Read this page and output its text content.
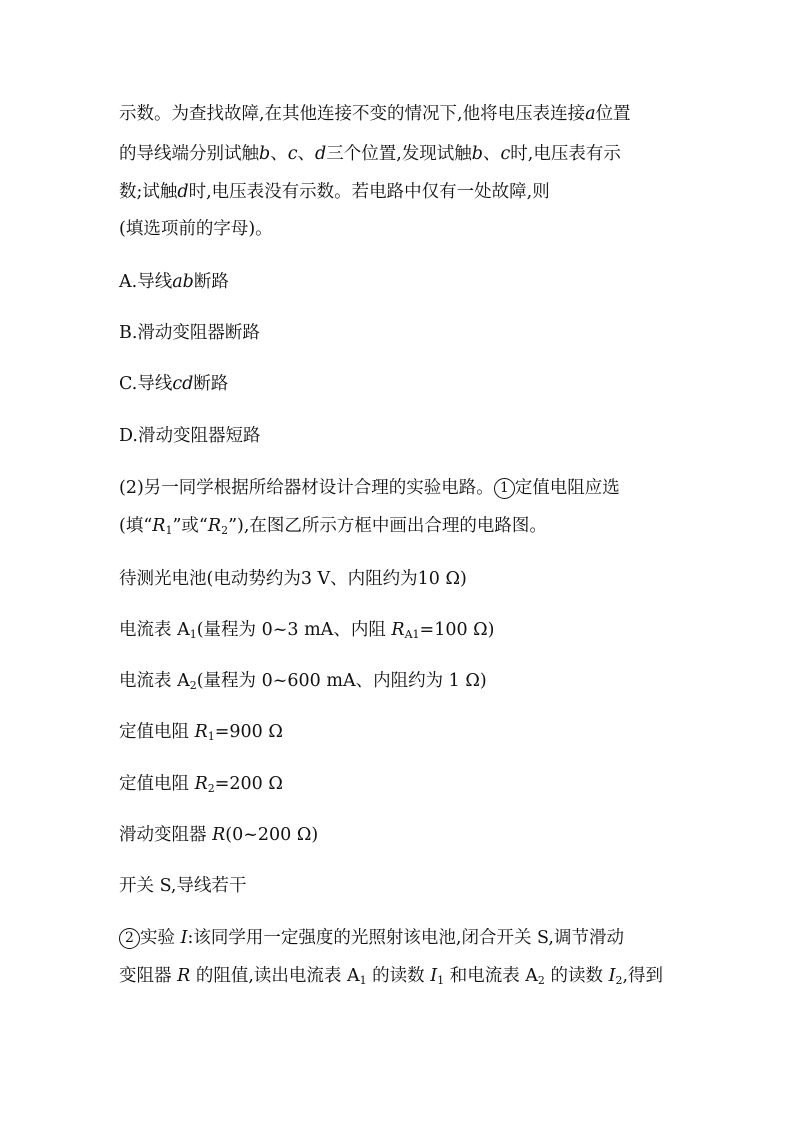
示数。为查找故障,在其他连接不变的情况下,他将电压表连接a位置
的导线端分别试触b、c、d三个位置,发现试触b、c时,电压表有示
数;试触d时,电压表没有示数。若电路中仅有一处故障,则
(填选项前的字母)。
A.导线ab断路
B.滑动变阻器断路
C.导线cd断路
D.滑动变阻器短路
(2)另一同学根据所给器材设计合理的实验电路。 1 定值电阻应选
(填“$R_1$”或“$R_2$”),在图乙所示方框中画出合理的电路图。
待测光电池(电动势约为3 V、内阻约为10 Ω)
电流表 $A_1$(量程为 0~3 mA、内阻 $R_{A1}=100$ Ω)
电流表 $A_2$(量程为 0~600 mA、内阻约为 1 Ω)
定值电阻 $R_1=900$ Ω
定值电阻 $R_2=200$ Ω
滑动变阻器 R(0~200 Ω)
开关 S,导线若干
2 实验 I:该同学用一定强度的光照射该电池,闭合开关 S,调节滑动
变阻器 R 的阻值,读出电流表 $A_1$ 的读数 $I_1$ 和电流表 $A_2$ 的读数 $I_2$,得到
